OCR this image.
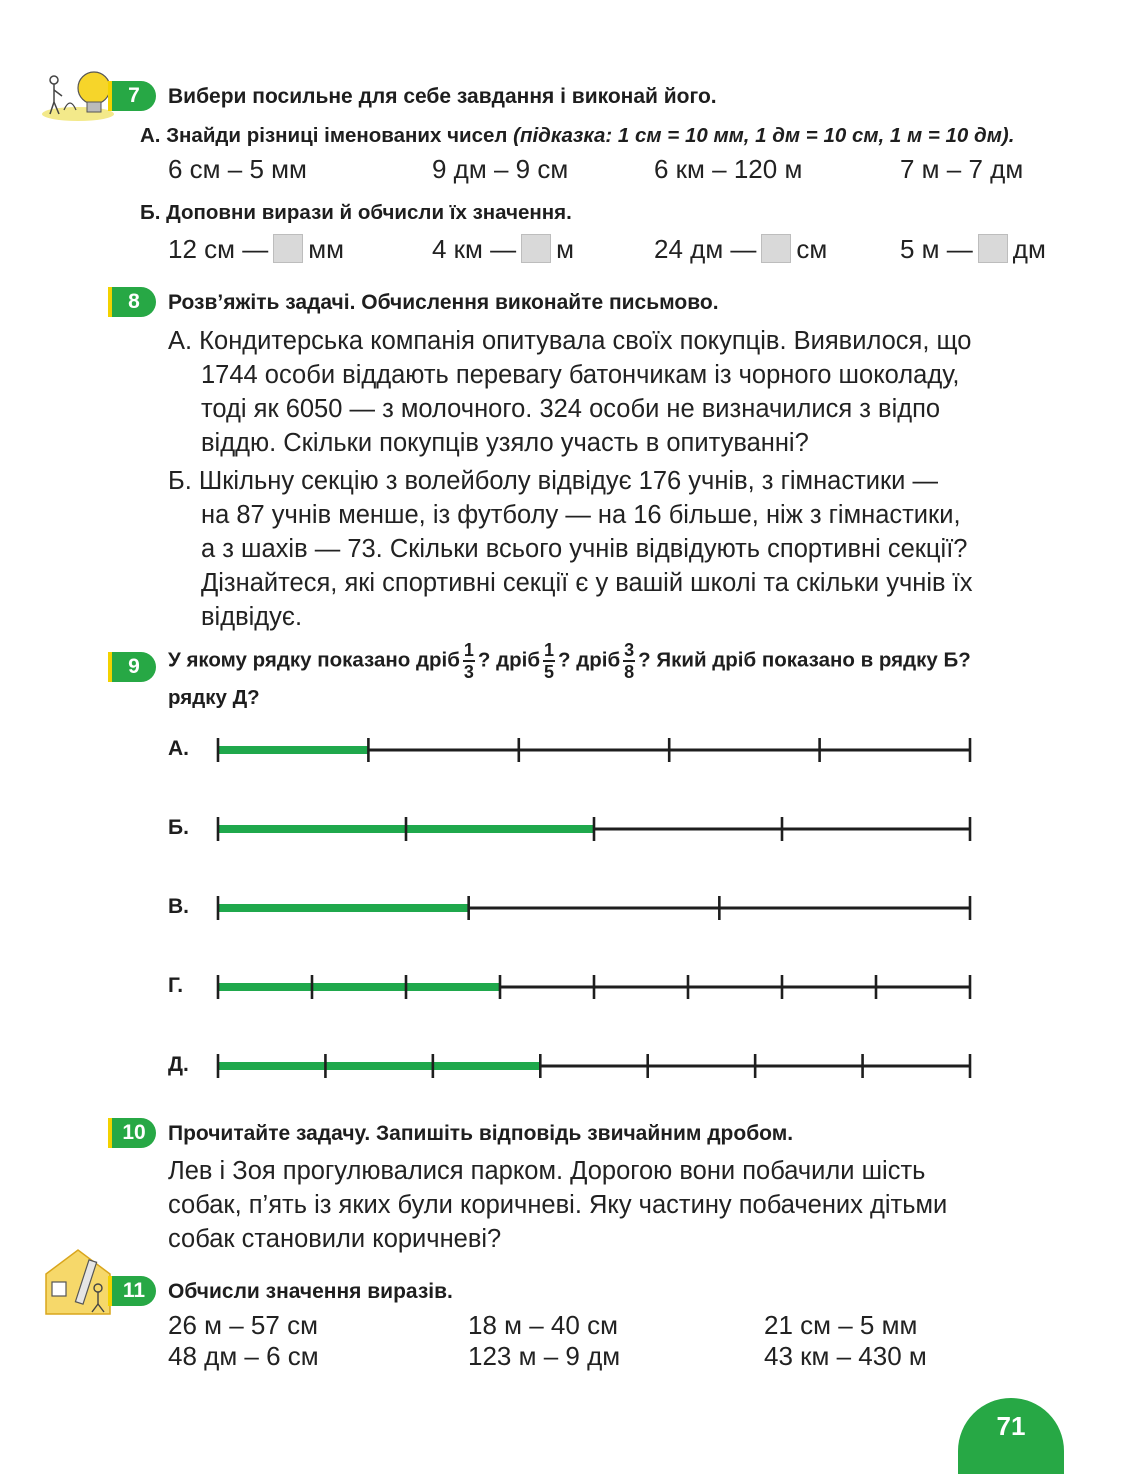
7	Вибери посильне для себе завдання і виконай його.
А. Знайди різниці іменованих чисел (підказка: 1 см = 10 мм, 1 дм = 10 см, 1 м = 10 дм).
6 см – 5 мм	9 дм – 9 см	6 км – 120 м	7 м – 7 дм
Б. Доповни вирази й обчисли їх значення.
12 см — мм	4 км — м	24 дм — см	5 м — дм
8	Розв’яжіть задачі. Обчислення виконайте письмово.

А. Кондитерська компанія опитувала своїх покупців. Виявилося, що

1744 особи віддають перевагу батончикам із чорного шоколаду,

тоді як 6050 — з молочного. 324 особи не визначилися з відпо

віддю. Скільки покупців узяло участь в опитуванні?

Б. Шкільну секцію з волейболу відвідує 176 учнів, з гімнастики —

на 87 учнів менше, із футболу — на 16 більше, ніж з гімнастики,

а з шахів — 73. Скільки всього учнів відвідують спортивні секції?

Дізнайтеся, які спортивні секції є у вашій школі та скільки учнів їх

відвідує.

9	У якому рядку показано дріб $\frac{1}{3}$ ? дріб $\frac{1}{5}$ ? дріб $\frac{3}{8}$ ? Який дріб показано в рядку Б?
рядку Д?
А.
Б.
В.
Г.
Д.
10	Прочитайте задачу. Запишіть відповідь звичайним дробом.

Лев і Зоя прогулювалися парком. Дорогою вони побачили шість

собак, п’ять із яких були коричневі. Яку частину побачених дітьми

собак становили коричневі?

11	Обчисли значення виразів.
26 м – 57 см	18 м – 40 см	21 см – 5 мм
48 дм – 6 см	123 м – 9 дм	43 км – 430 м
71
